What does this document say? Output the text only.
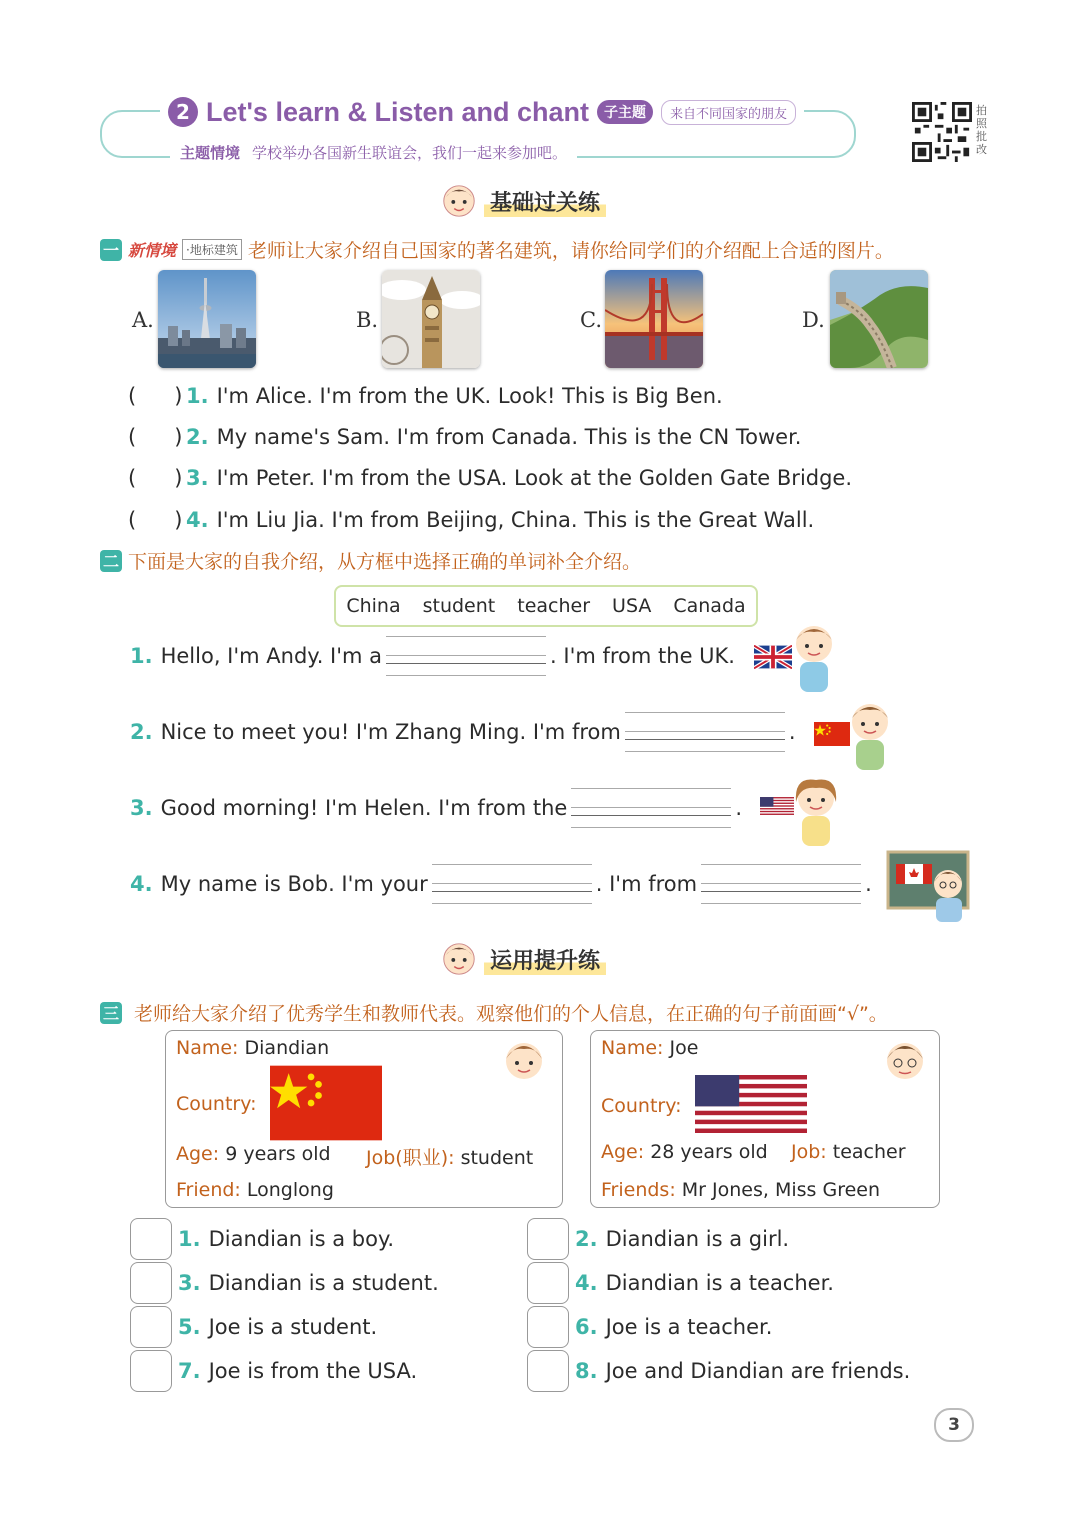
2 Let's learn & Listen and chant	子主题	来自不同国家的朋友
主题情境 学校举办各国新生联谊会，我们一起来参加吧。
拍照批改
基础过关练
一 新情境 ·地标建筑 老师让大家介绍自己国家的著名建筑，请你给同学们的介绍配上合适的图片。
A.	B.	C.	D.
( ) 1. I'm Alice. I'm from the UK. Look! This is Big Ben.
( ) 2. My name's Sam. I'm from Canada. This is the CN Tower.
( ) 3. I'm Peter. I'm from the USA. Look at the Golden Gate Bridge.
( ) 4. I'm Liu Jia. I'm from Beijing, China. This is the Great Wall.
二 下面是大家的自我介绍，从方框中选择正确的单词补全介绍。
China student teacher USA Canada
1. Hello, I'm Andy. I'm a	. I'm from the UK.
2. Nice to meet you! I'm Zhang Ming. I'm from	.
3. Good morning! I'm Helen. I'm from the	.
4. My name is Bob. I'm your	. I'm from	.
运用提升练
三 老师给大家介绍了优秀学生和教师代表。观察他们的个人信息，在正确的句子前面画“√”。
Name: Diandian
Country:
Age: 9 years old Job(职业): student
Friend: Longlong
Name: Joe
Country:
Age: 28 years old Job: teacher
Friends: Mr Jones, Miss Green
1. Diandian is a boy.	2. Diandian is a girl.
3. Diandian is a student.	4. Diandian is a teacher.
5. Joe is a student.	6. Joe is a teacher.
7. Joe is from the USA.	8. Joe and Diandian are friends.
3
